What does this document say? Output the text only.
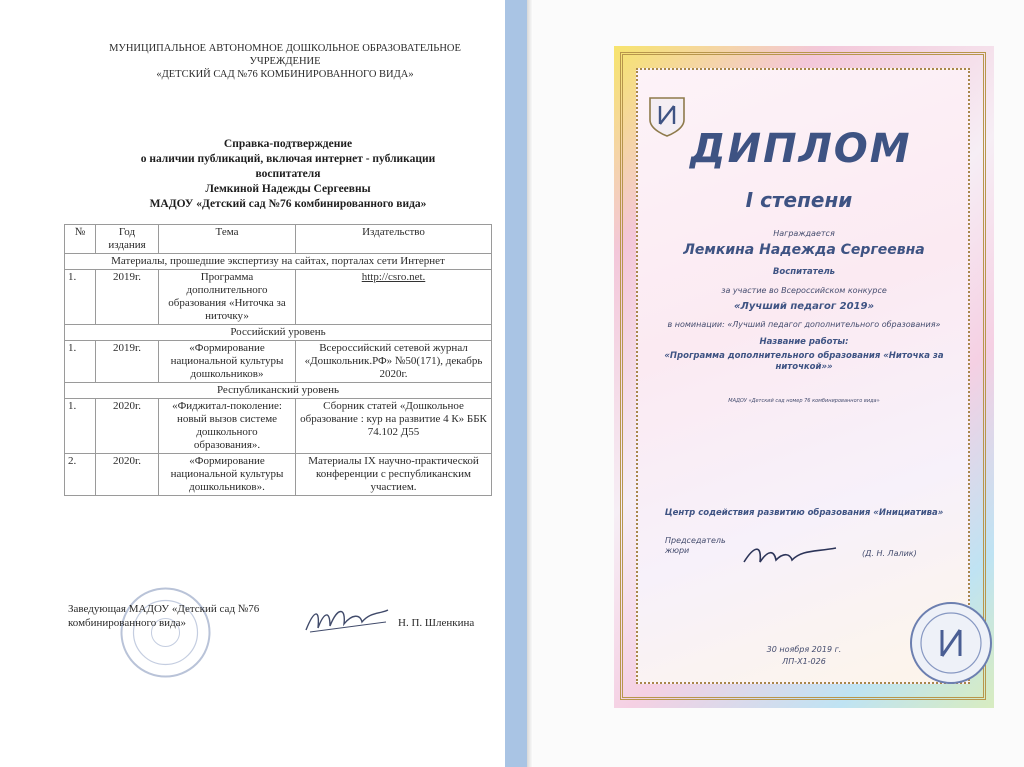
МУНИЦИПАЛЬНОЕ АВТОНОМНОЕ ДОШКОЛЬНОЕ ОБРАЗОВАТЕЛЬНОЕ
УЧРЕЖДЕНИЕ
«ДЕТСКИЙ САД №76 КОМБИНИРОВАННОГО ВИДА»
Справка-подтверждение
о наличии публикаций, включая интернет - публикации
воспитателя
Лемкиной Надежды Сергеевны
МАДОУ «Детский сад №76 комбинированного вида»
№	Год издания	Тема	Издательство
Материалы, прошедшие экспертизу на сайтах, порталах сети Интернет			
1.	2019г.	Программа дополнительного образования «Ниточка за ниточку»	http://csro.net.
Российский уровень			
1.	2019г.	«Формирование национальной культуры дошкольников»	Всероссийский сетевой журнал «Дошкольник.РФ» №50(171), декабрь 2020г.
Республиканский уровень			
1.	2020г.	«Фиджитал-поколение: новый вызов системе дошкольного образования».	Сборник статей «Дошкольное образование : кур на развитие 4 К» ББК 74.102 Д55
2.	2020г.	«Формирование национальной культуры дошкольников».	Материалы IX научно-практической конференции с республиканским участием.
Заведующая МАДОУ «Детский сад №76
комбинированного вида»	Н. П. Шленкина
ДИПЛОМ
I степени
Награждается
Лемкина Надежда Сергеевна
Воспитатель
за участие во Всероссийском конкурсе
«Лучший педагог 2019»
в номинации: «Лучший педагог дополнительного образования»
Название работы:
«Программа дополнительного образования «Ниточка за
ниточкой»»
МАДОУ «Детский сад номер 76 комбинированного вида»
Центр содействия развитию образования «Инициатива»
Председатель
жюри	(Д. Н. Лалик)
30 ноября 2019 г.
ЛП-Х1-026
